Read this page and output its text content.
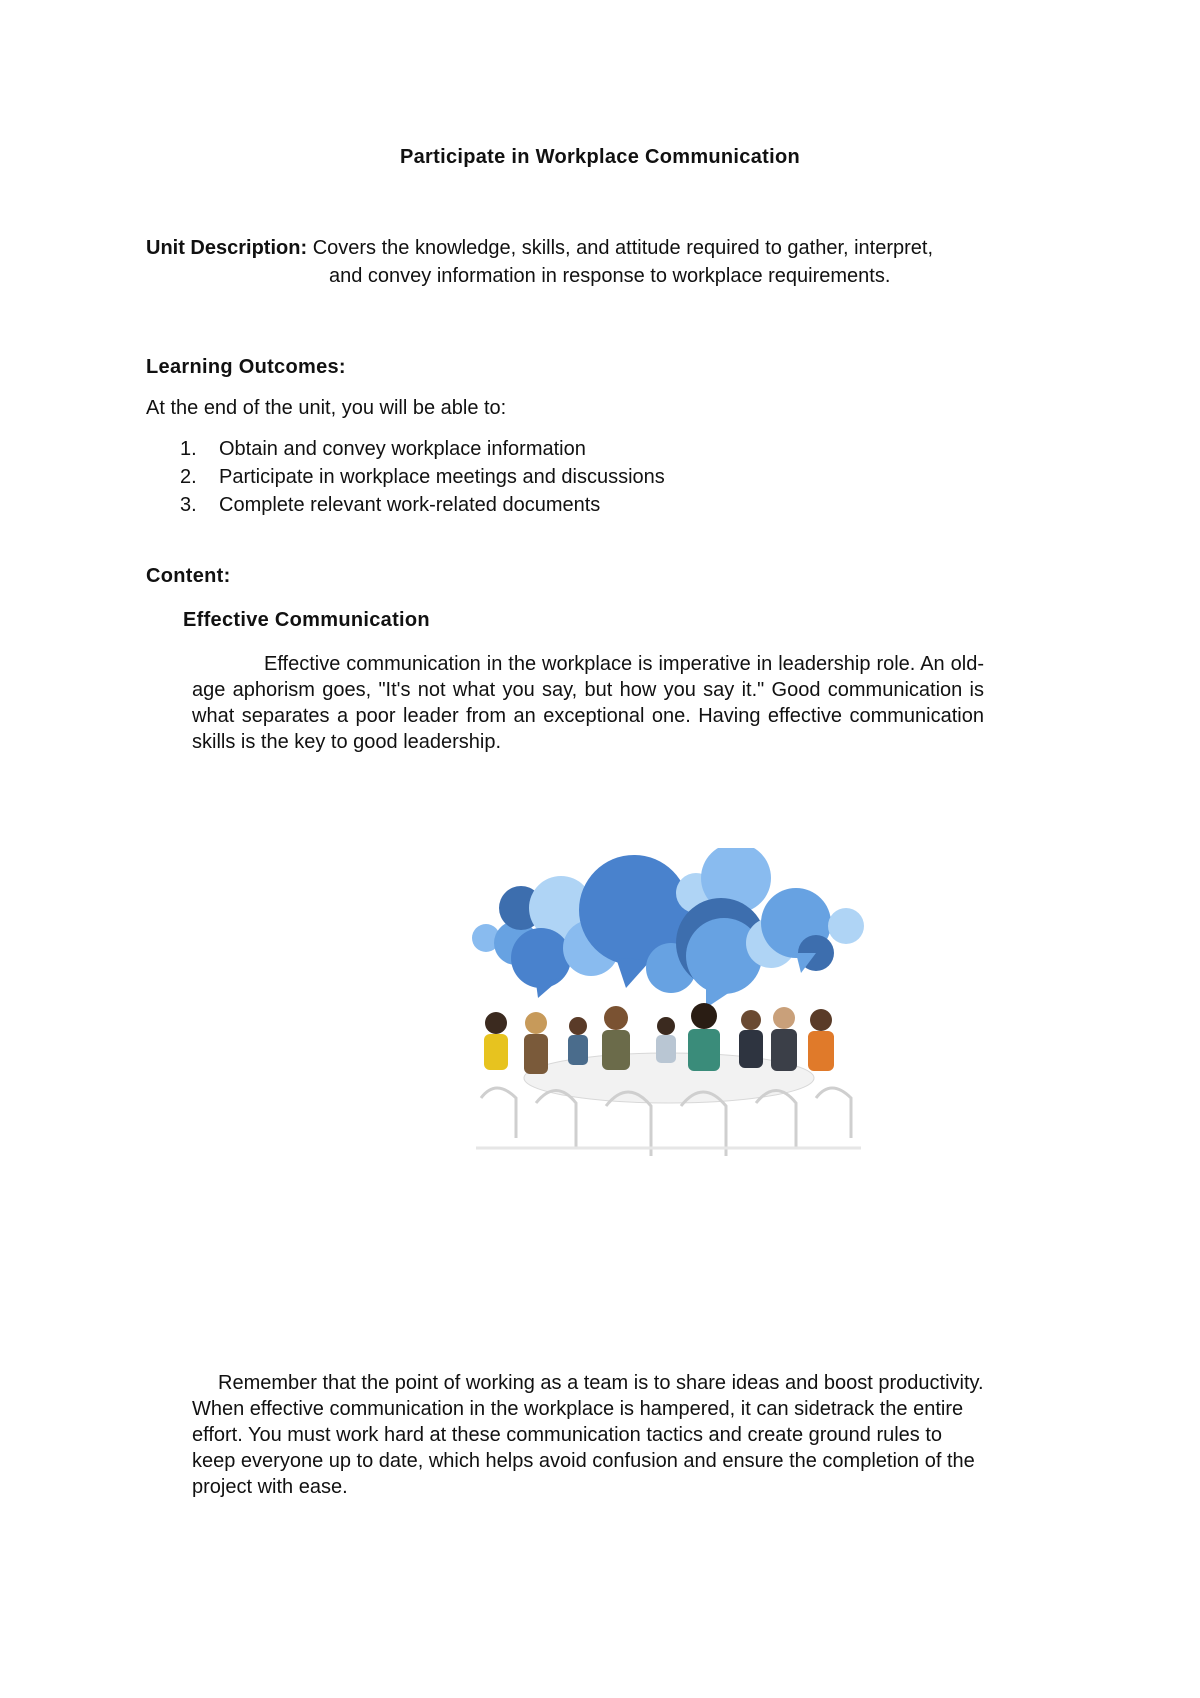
Participate in Workplace Communication
Unit Description: Covers the knowledge, skills, and attitude required to gather, interpret,
and convey information in response to workplace requirements.
Learning Outcomes:
At the end of the unit, you will be able to:
1.	Obtain and convey workplace information
2.	Participate in workplace meetings and discussions
3.	Complete relevant work-related documents
Content:
Effective Communication
Effective communication in the workplace is imperative in leadership role. An old-age aphorism goes, "It's not what you say, but how you say it." Good communication is what separates a poor leader from an exceptional one. Having effective communication skills is the key to good leadership.
Remember that the point of working as a team is to share ideas and boost productivity. When effective communication in the workplace is hampered, it can sidetrack the entire effort. You must work hard at these communication tactics and create ground rules to keep everyone up to date, which helps avoid confusion and ensure the completion of the project with ease.
